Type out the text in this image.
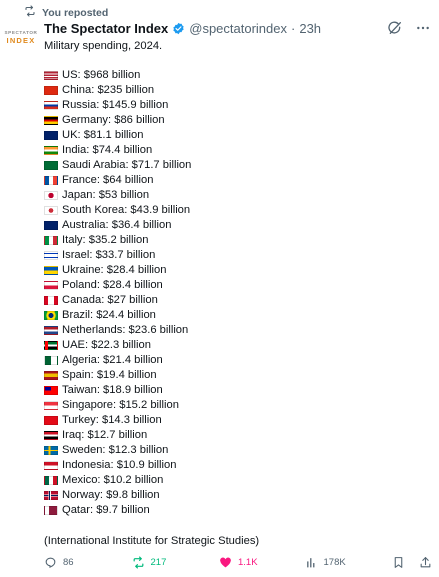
You reposted
SPECTATOR
INDEX
The Spectator Index @spectatorindex · 23h
Military spending, 2024.
US: $968 billion
China: $235 billion
Russia: $145.9 billion
Germany: $86 billion
UK: $81.1 billion
India: $74.4 billion
Saudi Arabia: $71.7 billion
France: $64 billion
Japan: $53 billion
South Korea: $43.9 billion
Australia: $36.4 billion
Italy: $35.2 billion
Israel: $33.7 billion
Ukraine: $28.4 billion
Poland: $28.4 billion
Canada: $27 billion
Brazil: $24.4 billion
Netherlands: $23.6 billion
UAE: $22.3 billion
Algeria: $21.4 billion
Spain: $19.4 billion
Taiwan: $18.9 billion
Singapore: $15.2 billion
Turkey: $14.3 billion
Iraq: $12.7 billion
Sweden: $12.3 billion
Indonesia: $10.9 billion
Mexico: $10.2 billion
Norway: $9.8 billion
Qatar: $9.7 billion
(International Institute for Strategic Studies)
86	217	1.1K	178K
